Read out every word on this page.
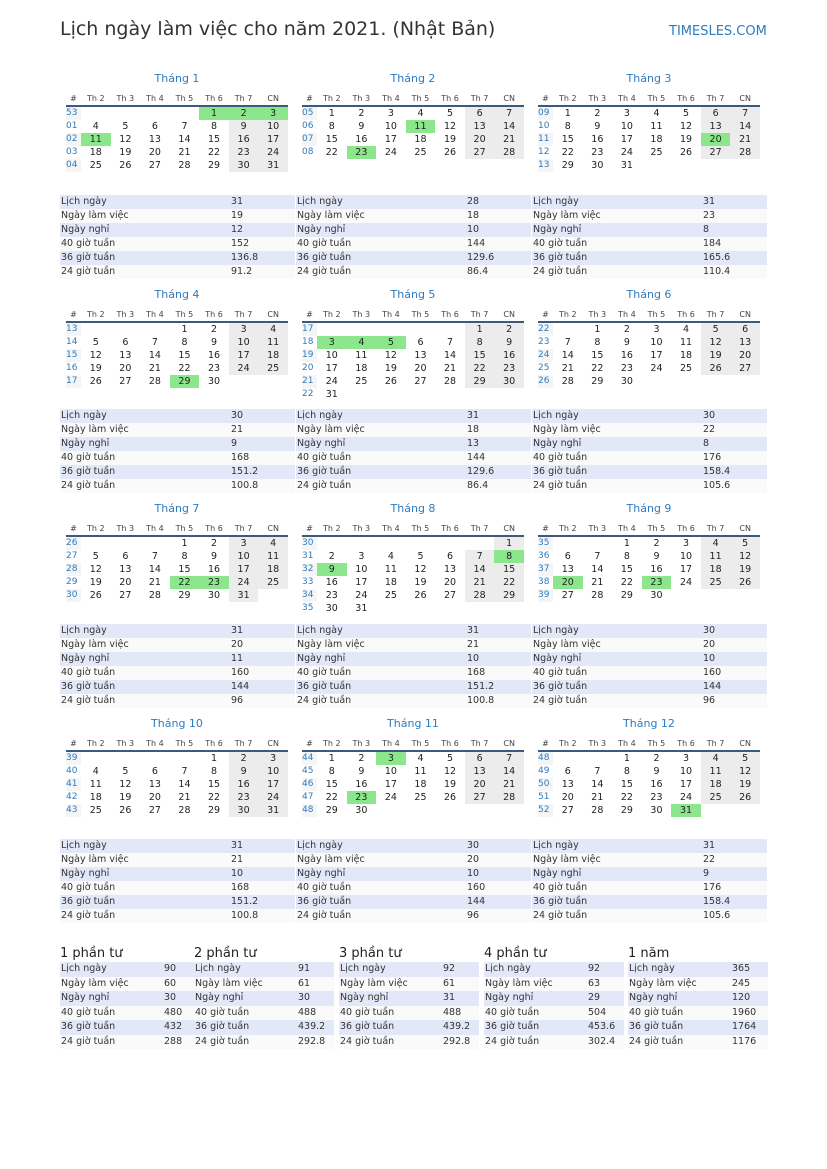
Lịch ngày làm việc cho năm 2021. (Nhật Bản)	TIMESLES.COM
Tháng 1
#	Th 2	Th 3	Th 4	Th 5	Th 6	Th 7	CN
53					1	2	3
01	4	5	6	7	8	9	10
02	11	12	13	14	15	16	17
03	18	19	20	21	22	23	24
04	25	26	27	28	29	30	31
Lịch ngày	31
Ngày làm việc	19
Ngày nghỉ	12
40 giờ tuần	152
36 giờ tuần	136.8
24 giờ tuần	91.2
Tháng 2
#	Th 2	Th 3	Th 4	Th 5	Th 6	Th 7	CN
05	1	2	3	4	5	6	7
06	8	9	10	11	12	13	14
07	15	16	17	18	19	20	21
08	22	23	24	25	26	27	28
Lịch ngày	28
Ngày làm việc	18
Ngày nghỉ	10
40 giờ tuần	144
36 giờ tuần	129.6
24 giờ tuần	86.4
Tháng 3
#	Th 2	Th 3	Th 4	Th 5	Th 6	Th 7	CN
09	1	2	3	4	5	6	7
10	8	9	10	11	12	13	14
11	15	16	17	18	19	20	21
12	22	23	24	25	26	27	28
13	29	30	31				
Lịch ngày	31
Ngày làm việc	23
Ngày nghỉ	8
40 giờ tuần	184
36 giờ tuần	165.6
24 giờ tuần	110.4
Tháng 4
#	Th 2	Th 3	Th 4	Th 5	Th 6	Th 7	CN
13				1	2	3	4
14	5	6	7	8	9	10	11
15	12	13	14	15	16	17	18
16	19	20	21	22	23	24	25
17	26	27	28	29	30		
Lịch ngày	30
Ngày làm việc	21
Ngày nghỉ	9
40 giờ tuần	168
36 giờ tuần	151.2
24 giờ tuần	100.8
Tháng 5
#	Th 2	Th 3	Th 4	Th 5	Th 6	Th 7	CN
17						1	2
18	3	4	5	6	7	8	9
19	10	11	12	13	14	15	16
20	17	18	19	20	21	22	23
21	24	25	26	27	28	29	30
22	31						
Lịch ngày	31
Ngày làm việc	18
Ngày nghỉ	13
40 giờ tuần	144
36 giờ tuần	129.6
24 giờ tuần	86.4
Tháng 6
#	Th 2	Th 3	Th 4	Th 5	Th 6	Th 7	CN
22		1	2	3	4	5	6
23	7	8	9	10	11	12	13
24	14	15	16	17	18	19	20
25	21	22	23	24	25	26	27
26	28	29	30				
Lịch ngày	30
Ngày làm việc	22
Ngày nghỉ	8
40 giờ tuần	176
36 giờ tuần	158.4
24 giờ tuần	105.6
Tháng 7
#	Th 2	Th 3	Th 4	Th 5	Th 6	Th 7	CN
26				1	2	3	4
27	5	6	7	8	9	10	11
28	12	13	14	15	16	17	18
29	19	20	21	22	23	24	25
30	26	27	28	29	30	31	
Lịch ngày	31
Ngày làm việc	20
Ngày nghỉ	11
40 giờ tuần	160
36 giờ tuần	144
24 giờ tuần	96
Tháng 8
#	Th 2	Th 3	Th 4	Th 5	Th 6	Th 7	CN
30							1
31	2	3	4	5	6	7	8
32	9	10	11	12	13	14	15
33	16	17	18	19	20	21	22
34	23	24	25	26	27	28	29
35	30	31					
Lịch ngày	31
Ngày làm việc	21
Ngày nghỉ	10
40 giờ tuần	168
36 giờ tuần	151.2
24 giờ tuần	100.8
Tháng 9
#	Th 2	Th 3	Th 4	Th 5	Th 6	Th 7	CN
35			1	2	3	4	5
36	6	7	8	9	10	11	12
37	13	14	15	16	17	18	19
38	20	21	22	23	24	25	26
39	27	28	29	30			
Lịch ngày	30
Ngày làm việc	20
Ngày nghỉ	10
40 giờ tuần	160
36 giờ tuần	144
24 giờ tuần	96
Tháng 10
#	Th 2	Th 3	Th 4	Th 5	Th 6	Th 7	CN
39					1	2	3
40	4	5	6	7	8	9	10
41	11	12	13	14	15	16	17
42	18	19	20	21	22	23	24
43	25	26	27	28	29	30	31
Lịch ngày	31
Ngày làm việc	21
Ngày nghỉ	10
40 giờ tuần	168
36 giờ tuần	151.2
24 giờ tuần	100.8
Tháng 11
#	Th 2	Th 3	Th 4	Th 5	Th 6	Th 7	CN
44	1	2	3	4	5	6	7
45	8	9	10	11	12	13	14
46	15	16	17	18	19	20	21
47	22	23	24	25	26	27	28
48	29	30					
Lịch ngày	30
Ngày làm việc	20
Ngày nghỉ	10
40 giờ tuần	160
36 giờ tuần	144
24 giờ tuần	96
Tháng 12
#	Th 2	Th 3	Th 4	Th 5	Th 6	Th 7	CN
48			1	2	3	4	5
49	6	7	8	9	10	11	12
50	13	14	15	16	17	18	19
51	20	21	22	23	24	25	26
52	27	28	29	30	31		
Lịch ngày	31
Ngày làm việc	22
Ngày nghỉ	9
40 giờ tuần	176
36 giờ tuần	158.4
24 giờ tuần	105.6
1 phần tư
Lịch ngày	90
Ngày làm việc	60
Ngày nghỉ	30
40 giờ tuần	480
36 giờ tuần	432
24 giờ tuần	288
2 phần tư
Lịch ngày	91
Ngày làm việc	61
Ngày nghỉ	30
40 giờ tuần	488
36 giờ tuần	439.2
24 giờ tuần	292.8
3 phần tư
Lịch ngày	92
Ngày làm việc	61
Ngày nghỉ	31
40 giờ tuần	488
36 giờ tuần	439.2
24 giờ tuần	292.8
4 phần tư
Lịch ngày	92
Ngày làm việc	63
Ngày nghỉ	29
40 giờ tuần	504
36 giờ tuần	453.6
24 giờ tuần	302.4
1 năm
Lịch ngày	365
Ngày làm việc	245
Ngày nghỉ	120
40 giờ tuần	1960
36 giờ tuần	1764
24 giờ tuần	1176
